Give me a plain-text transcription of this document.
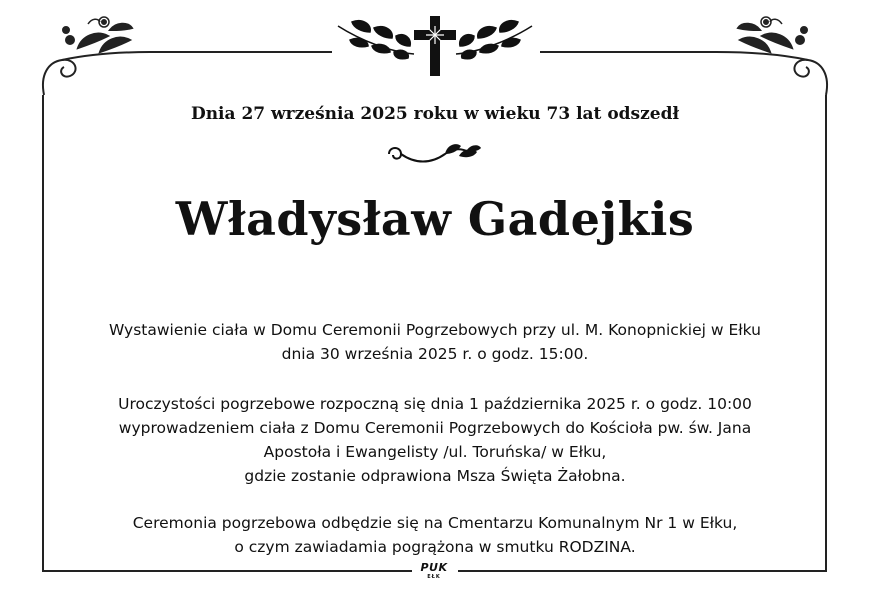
PUK
EŁK
Dnia 27 września 2025 roku w wieku 73 lat odszedł
Władysław Gadejkis
Wystawienie ciała w Domu Ceremonii Pogrzebowych przy ul. M. Konopnickiej w Ełku
dnia 30 września 2025 r. o godz. 15:00.
Uroczystości pogrzebowe rozpoczną się dnia 1 października 2025 r. o godz. 10:00
wyprowadzeniem ciała z Domu Ceremonii Pogrzebowych do Kościoła pw. św. Jana
Apostoła i Ewangelisty /ul. Toruńska/ w Ełku,
gdzie zostanie odprawiona Msza Święta Żałobna.
Ceremonia pogrzebowa odbędzie się na Cmentarzu Komunalnym Nr 1 w Ełku,
o czym zawiadamia pogrążona w smutku RODZINA.
